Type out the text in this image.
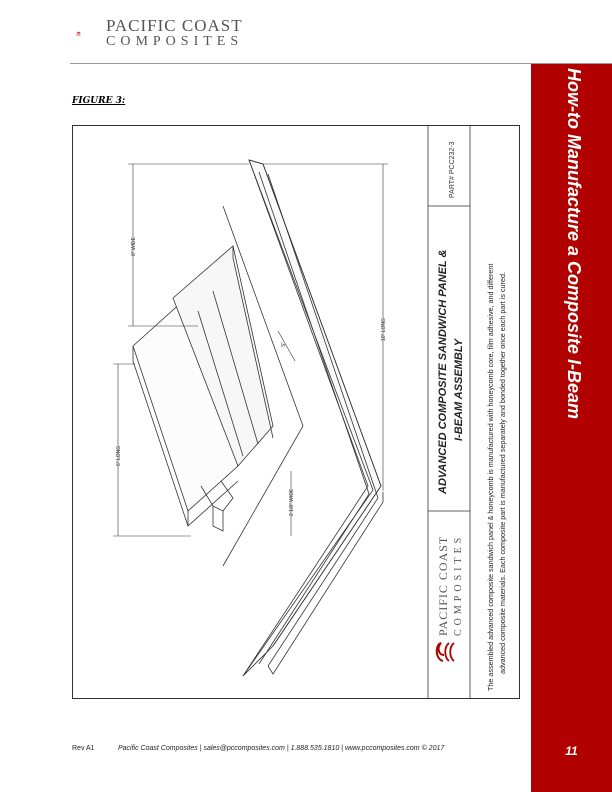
PACIFIC COAST
COMPOSITES
How-to Manufacture a Composite I-Beam
11
FIGURE 3:
8" WIDE
6" LONG
2 1/8" WIDE
10" LONG
.5"
PACIFIC COAST COMPOSITES
ADVANCED COMPOSITE SANDWICH PANEL & I-BEAM ASSEMBLY
PART# PCC232-3
The assembled advanced composite sandwich panel & honeycomb is manufactured with honeycomb core, film adhesive, and different advanced composite materials. Each composite part is manufactured separately and bonded together once each part is cured.
Rev A1	Pacific Coast Composites | sales@pccomposites.com | 1.888.535.1810 | www.pccomposites.com © 2017
